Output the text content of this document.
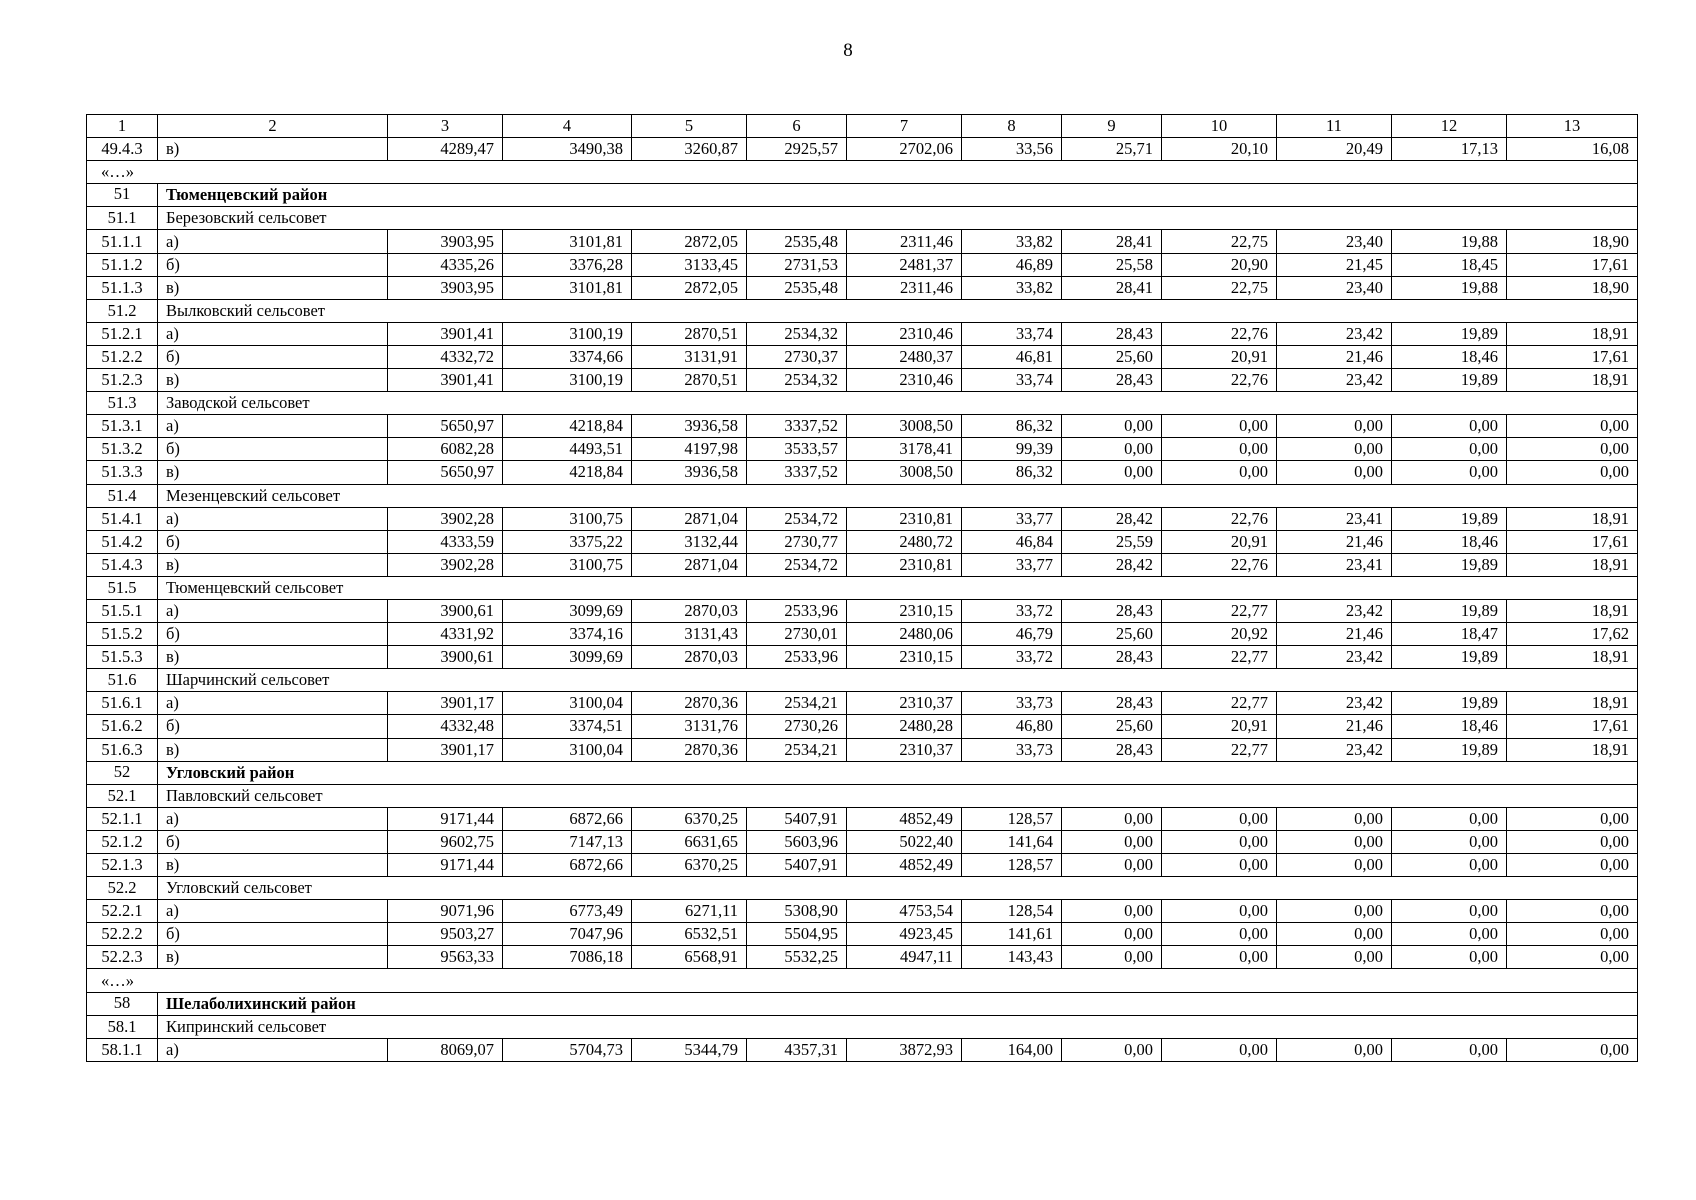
8
1	2	3	4	5	6	7	8	9	10	11	12	13
49.4.3	в)	4289,47	3490,38	3260,87	2925,57	2702,06	33,56	25,71	20,10	20,49	17,13	16,08
«…»												
51	Тюменцевский район											
51.1	Березовский сельсовет											
51.1.1	а)	3903,95	3101,81	2872,05	2535,48	2311,46	33,82	28,41	22,75	23,40	19,88	18,90
51.1.2	б)	4335,26	3376,28	3133,45	2731,53	2481,37	46,89	25,58	20,90	21,45	18,45	17,61
51.1.3	в)	3903,95	3101,81	2872,05	2535,48	2311,46	33,82	28,41	22,75	23,40	19,88	18,90
51.2	Вылковский сельсовет											
51.2.1	а)	3901,41	3100,19	2870,51	2534,32	2310,46	33,74	28,43	22,76	23,42	19,89	18,91
51.2.2	б)	4332,72	3374,66	3131,91	2730,37	2480,37	46,81	25,60	20,91	21,46	18,46	17,61
51.2.3	в)	3901,41	3100,19	2870,51	2534,32	2310,46	33,74	28,43	22,76	23,42	19,89	18,91
51.3	Заводской сельсовет											
51.3.1	а)	5650,97	4218,84	3936,58	3337,52	3008,50	86,32	0,00	0,00	0,00	0,00	0,00
51.3.2	б)	6082,28	4493,51	4197,98	3533,57	3178,41	99,39	0,00	0,00	0,00	0,00	0,00
51.3.3	в)	5650,97	4218,84	3936,58	3337,52	3008,50	86,32	0,00	0,00	0,00	0,00	0,00
51.4	Мезенцевский сельсовет											
51.4.1	а)	3902,28	3100,75	2871,04	2534,72	2310,81	33,77	28,42	22,76	23,41	19,89	18,91
51.4.2	б)	4333,59	3375,22	3132,44	2730,77	2480,72	46,84	25,59	20,91	21,46	18,46	17,61
51.4.3	в)	3902,28	3100,75	2871,04	2534,72	2310,81	33,77	28,42	22,76	23,41	19,89	18,91
51.5	Тюменцевский сельсовет											
51.5.1	а)	3900,61	3099,69	2870,03	2533,96	2310,15	33,72	28,43	22,77	23,42	19,89	18,91
51.5.2	б)	4331,92	3374,16	3131,43	2730,01	2480,06	46,79	25,60	20,92	21,46	18,47	17,62
51.5.3	в)	3900,61	3099,69	2870,03	2533,96	2310,15	33,72	28,43	22,77	23,42	19,89	18,91
51.6	Шарчинский сельсовет											
51.6.1	а)	3901,17	3100,04	2870,36	2534,21	2310,37	33,73	28,43	22,77	23,42	19,89	18,91
51.6.2	б)	4332,48	3374,51	3131,76	2730,26	2480,28	46,80	25,60	20,91	21,46	18,46	17,61
51.6.3	в)	3901,17	3100,04	2870,36	2534,21	2310,37	33,73	28,43	22,77	23,42	19,89	18,91
52	Угловский район											
52.1	Павловский сельсовет											
52.1.1	а)	9171,44	6872,66	6370,25	5407,91	4852,49	128,57	0,00	0,00	0,00	0,00	0,00
52.1.2	б)	9602,75	7147,13	6631,65	5603,96	5022,40	141,64	0,00	0,00	0,00	0,00	0,00
52.1.3	в)	9171,44	6872,66	6370,25	5407,91	4852,49	128,57	0,00	0,00	0,00	0,00	0,00
52.2	Угловский сельсовет											
52.2.1	а)	9071,96	6773,49	6271,11	5308,90	4753,54	128,54	0,00	0,00	0,00	0,00	0,00
52.2.2	б)	9503,27	7047,96	6532,51	5504,95	4923,45	141,61	0,00	0,00	0,00	0,00	0,00
52.2.3	в)	9563,33	7086,18	6568,91	5532,25	4947,11	143,43	0,00	0,00	0,00	0,00	0,00
«…»												
58	Шелаболихинский район											
58.1	Кипринский сельсовет											
58.1.1	а)	8069,07	5704,73	5344,79	4357,31	3872,93	164,00	0,00	0,00	0,00	0,00	0,00
